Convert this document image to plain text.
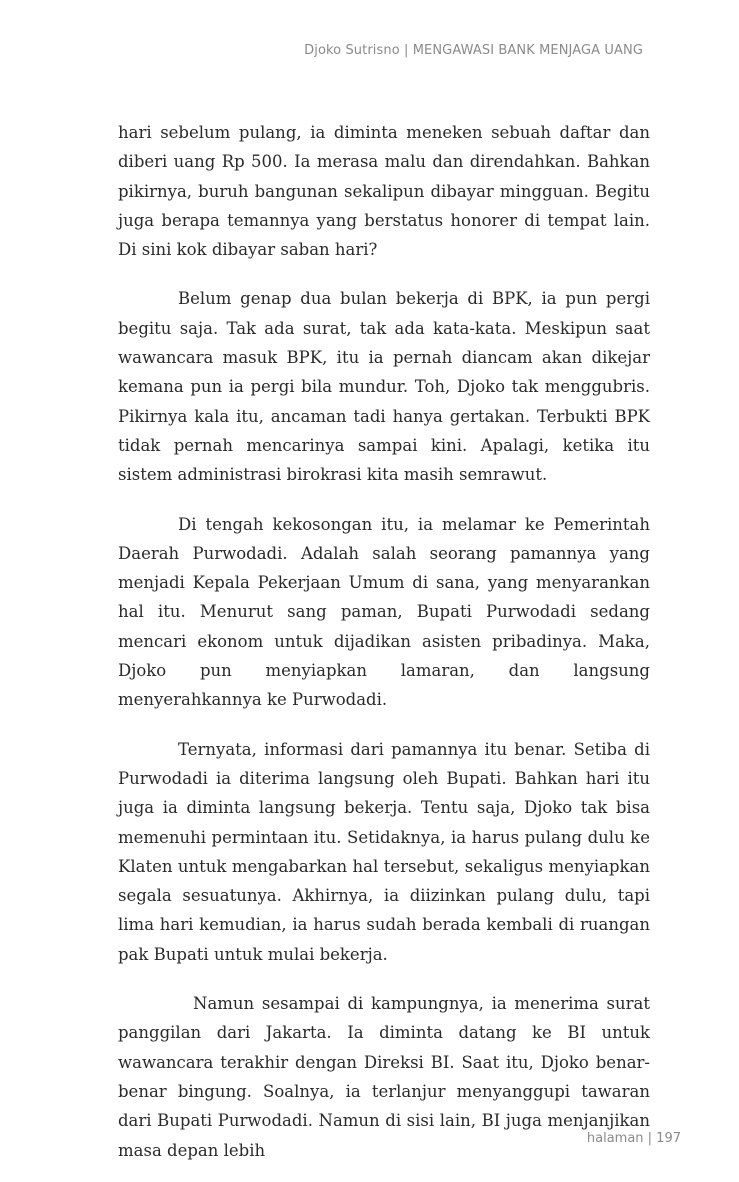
Djoko Sutrisno | MENGAWASI BANK MENJAGA UANG

hari sebelum pulang, ia diminta meneken sebuah daftar dan diberi uang Rp 500. Ia merasa malu dan direndahkan. Bahkan pikirnya, buruh bangunan sekalipun dibayar mingguan. Begitu juga berapa temannya yang berstatus honorer di tempat lain. Di sini kok dibayar saban hari?

Belum genap dua bulan bekerja di BPK, ia pun pergi begitu saja. Tak ada surat, tak ada kata-kata. Meskipun saat wawancara masuk BPK, itu ia pernah diancam akan dikejar kemana pun ia pergi bila mundur. Toh, Djoko tak menggubris. Pikirnya kala itu, ancaman tadi hanya gertakan. Terbukti BPK tidak pernah mencarinya sampai kini. Apalagi, ketika itu sistem administrasi birokrasi kita masih semrawut.

Di tengah kekosongan itu, ia melamar ke Pemerintah Daerah Purwodadi. Adalah salah seorang pamannya yang menjadi Kepala Pekerjaan Umum di sana, yang menyarankan hal itu. Menurut sang paman, Bupati Purwodadi sedang mencari ekonom untuk dijadikan asisten pribadinya. Maka, Djoko pun menyiapkan lamaran, dan langsung menyerahkannya ke Purwodadi.

Ternyata, informasi dari pamannya itu benar. Setiba di Purwodadi ia diterima langsung oleh Bupati. Bahkan hari itu juga ia diminta langsung bekerja. Tentu saja, Djoko tak bisa memenuhi permintaan itu. Setidaknya, ia harus pulang dulu ke Klaten untuk mengabarkan hal tersebut, sekaligus menyiapkan segala sesuatunya. Akhirnya, ia diizinkan pulang dulu, tapi lima hari kemudian, ia harus sudah berada kembali di ruangan pak Bupati untuk mulai bekerja.

Namun sesampai di kampungnya, ia menerima surat panggilan dari Jakarta. Ia diminta datang ke BI untuk wawancara terakhir dengan Direksi BI. Saat itu, Djoko benar-benar bingung. Soalnya, ia terlanjur menyanggupi tawaran dari Bupati Purwodadi. Namun di sisi lain, BI juga menjanjikan masa depan lebih

halaman | 197
